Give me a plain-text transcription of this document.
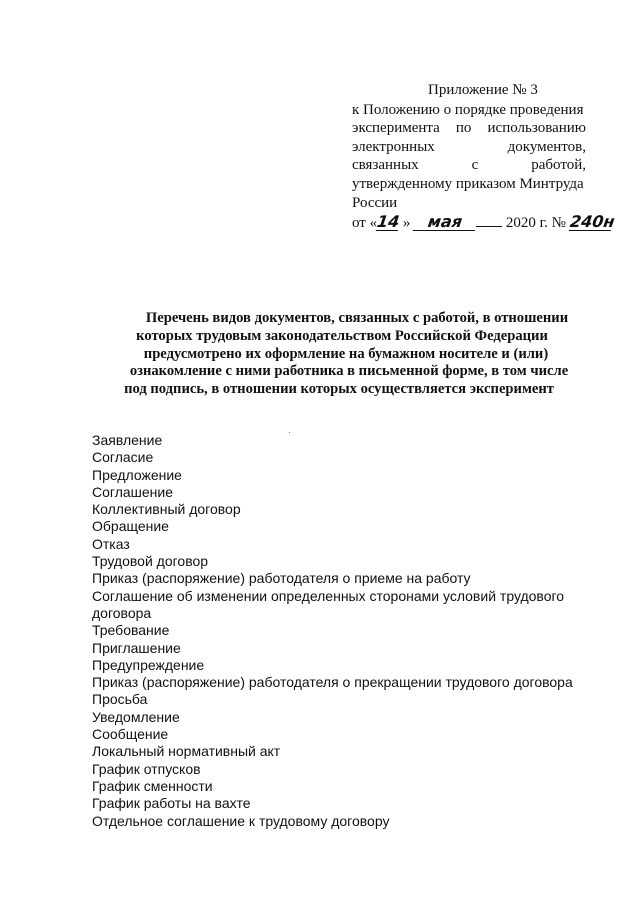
Приложение № 3
к Положению о порядке проведения
эксперимента по использованию
электронных	документов,
связанных	с	работой,
утвержденному приказом Минтруда
России
от «14 » мая	2020 г. № 240н
Перечень видов документов, связанных с работой, в отношении
которых трудовым законодательством Российской Федерации
предусмотрено их оформление на бумажном носителе и (или)
ознакомление с ними работника в письменной форме, в том числе
под подпись, в отношении которых осуществляется эксперимент
Заявление
Согласие
Предложение
Соглашение
Коллективный договор
Обращение
Отказ
Трудовой договор
Приказ (распоряжение) работодателя о приеме на работу
Соглашение об изменении определенных сторонами условий трудового договора
Требование
Приглашение
Предупреждение
Приказ (распоряжение) работодателя о прекращении трудового договора
Просьба
Уведомление
Сообщение
Локальный нормативный акт
График отпусков
График сменности
График работы на вахте
Отдельное соглашение к трудовому договору
